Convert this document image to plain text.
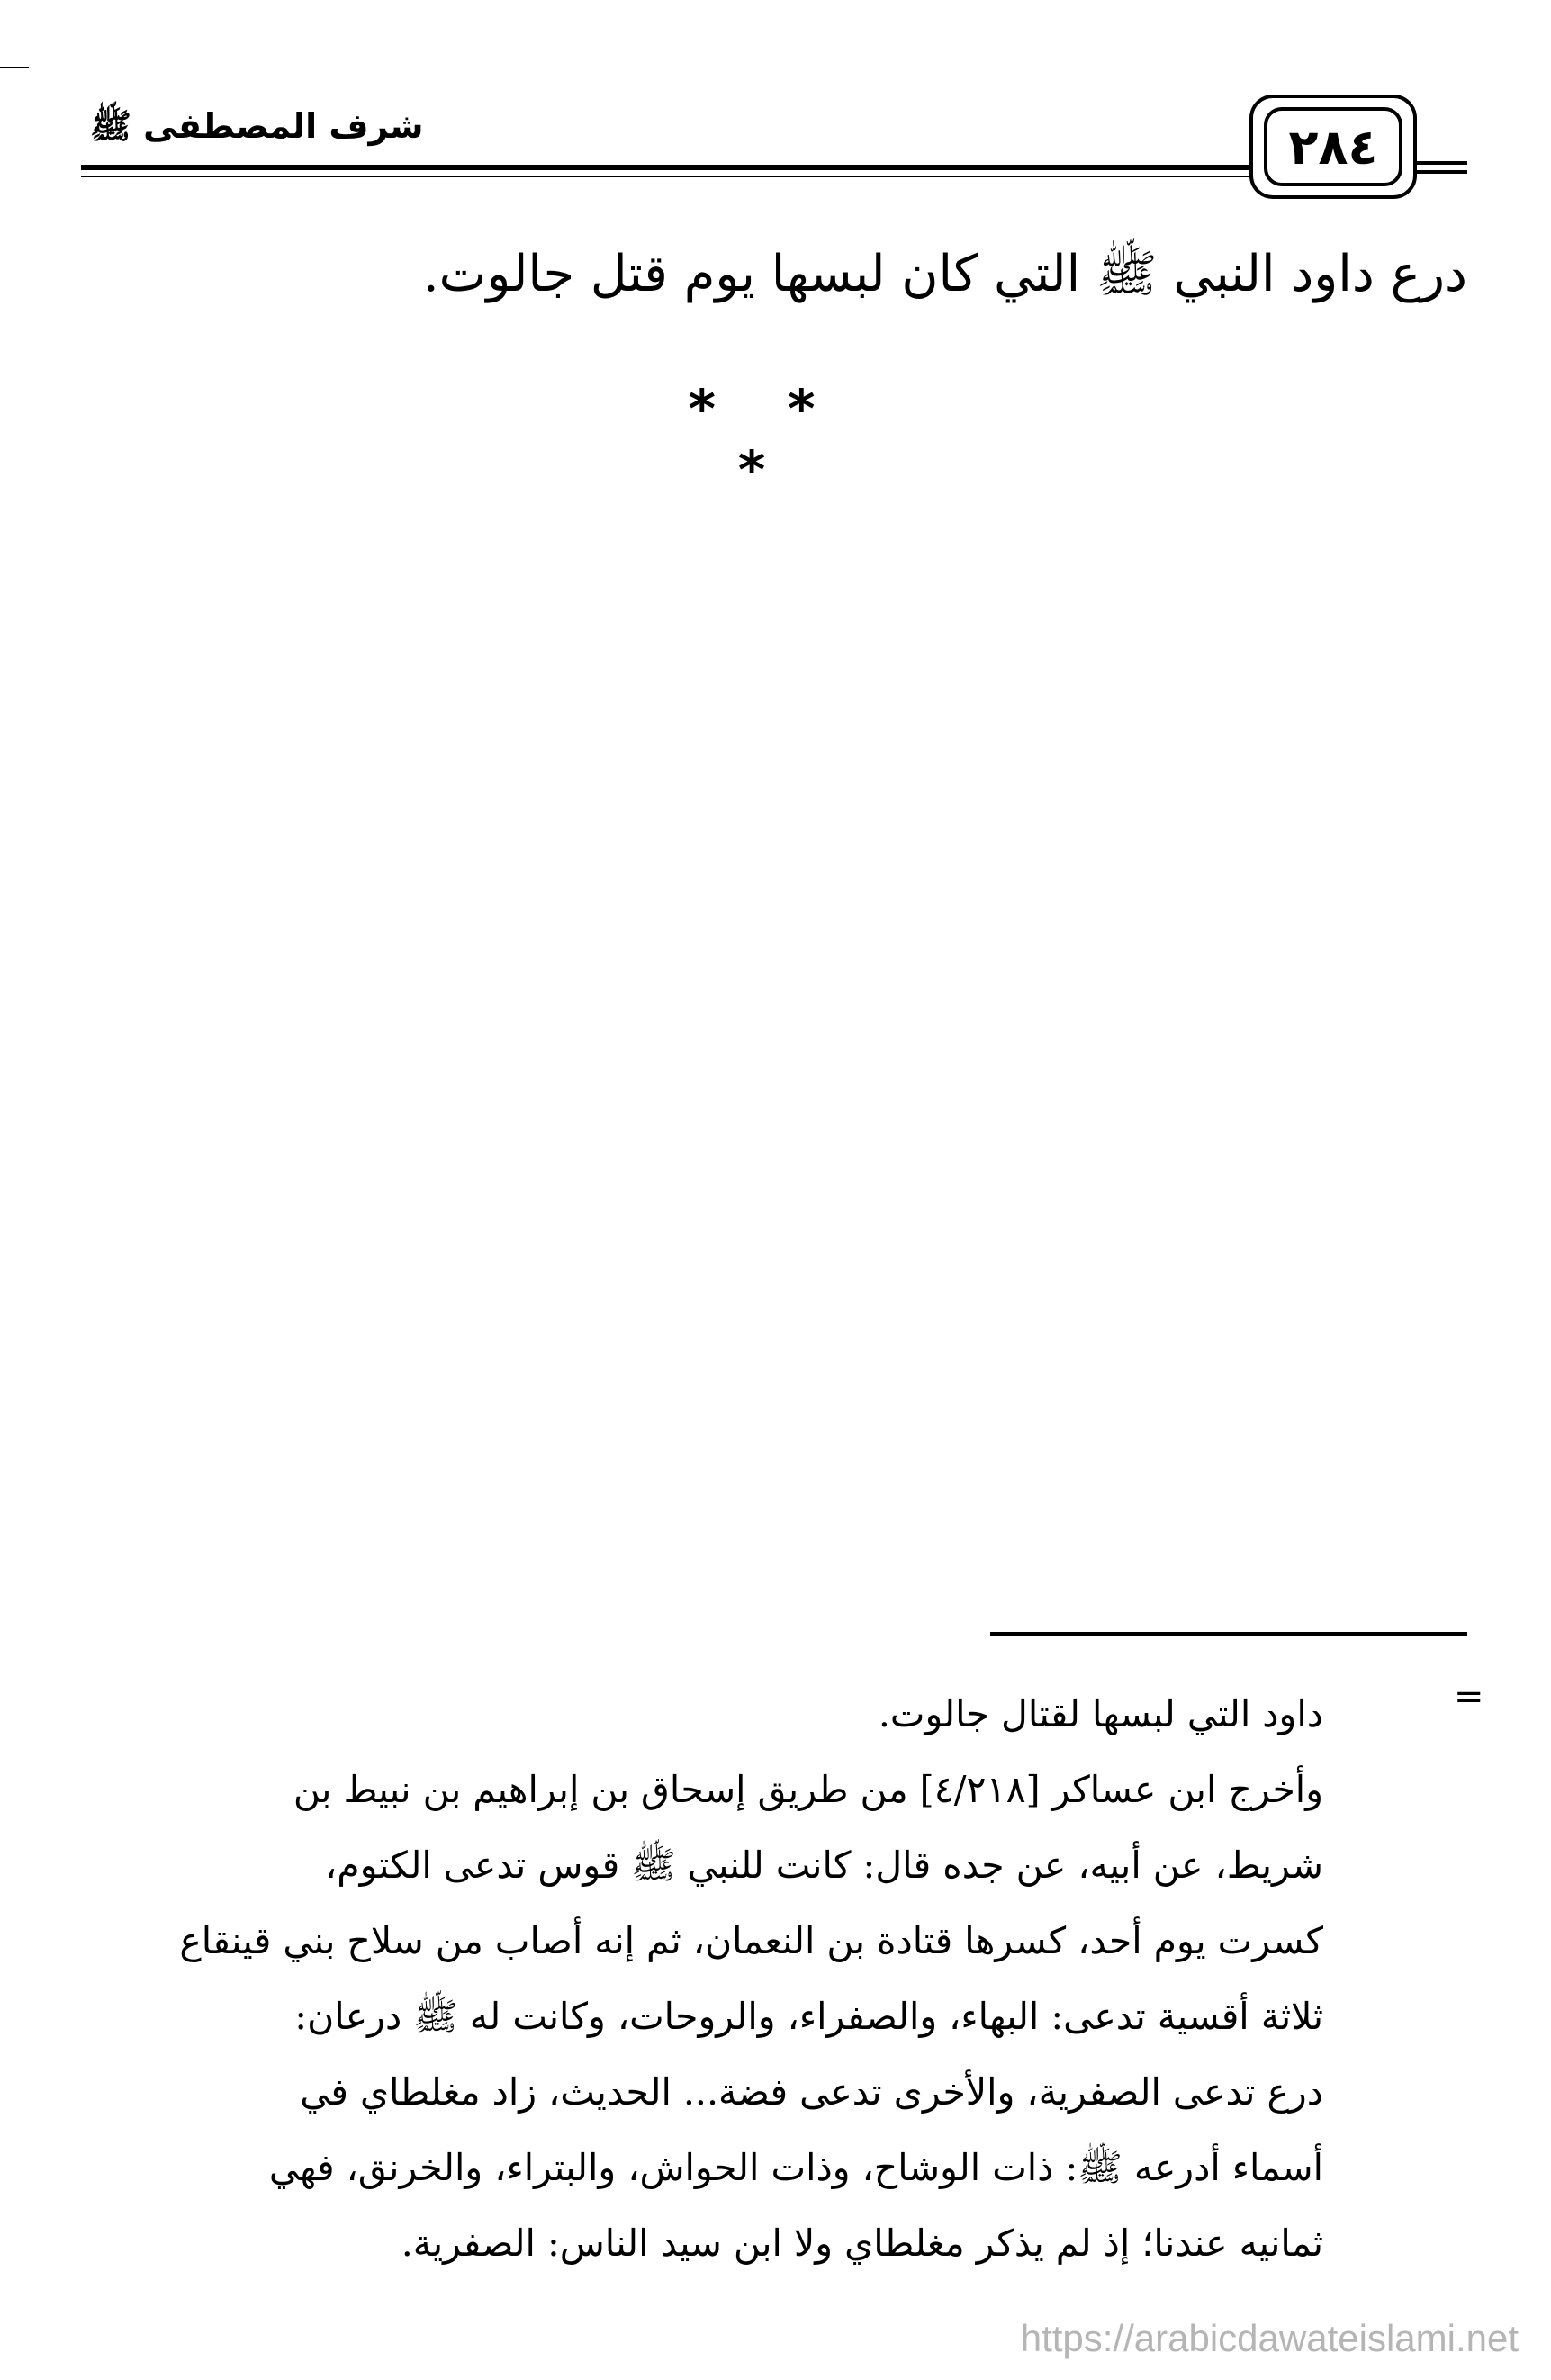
شرف المصطفى ﷺ	٢٨٤
درع داود النبي ﷺ التي كان لبسها يوم قتل جالوت.
* * *
=
داود التي لبسها لقتال جالوت.
وأخرج ابن عساكر [٤/٢١٨] من طريق إسحاق بن إبراهيم بن نبيط بن
شريط، عن أبيه، عن جده قال: كانت للنبي ﷺ قوس تدعى الكتوم،
كسرت يوم أحد، كسرها قتادة بن النعمان، ثم إنه أصاب من سلاح بني قينقاع
ثلاثة أقسية تدعى: البهاء، والصفراء، والروحات، وكانت له ﷺ درعان:
درع تدعى الصفرية، والأخرى تدعى فضة... الحديث، زاد مغلطاي في
أسماء أدرعه ﷺ: ذات الوشاح، وذات الحواش، والبتراء، والخرنق، فهي
ثمانيه عندنا؛ إذ لم يذكر مغلطاي ولا ابن سيد الناس: الصفرية.
https://arabicdawateislami.net
